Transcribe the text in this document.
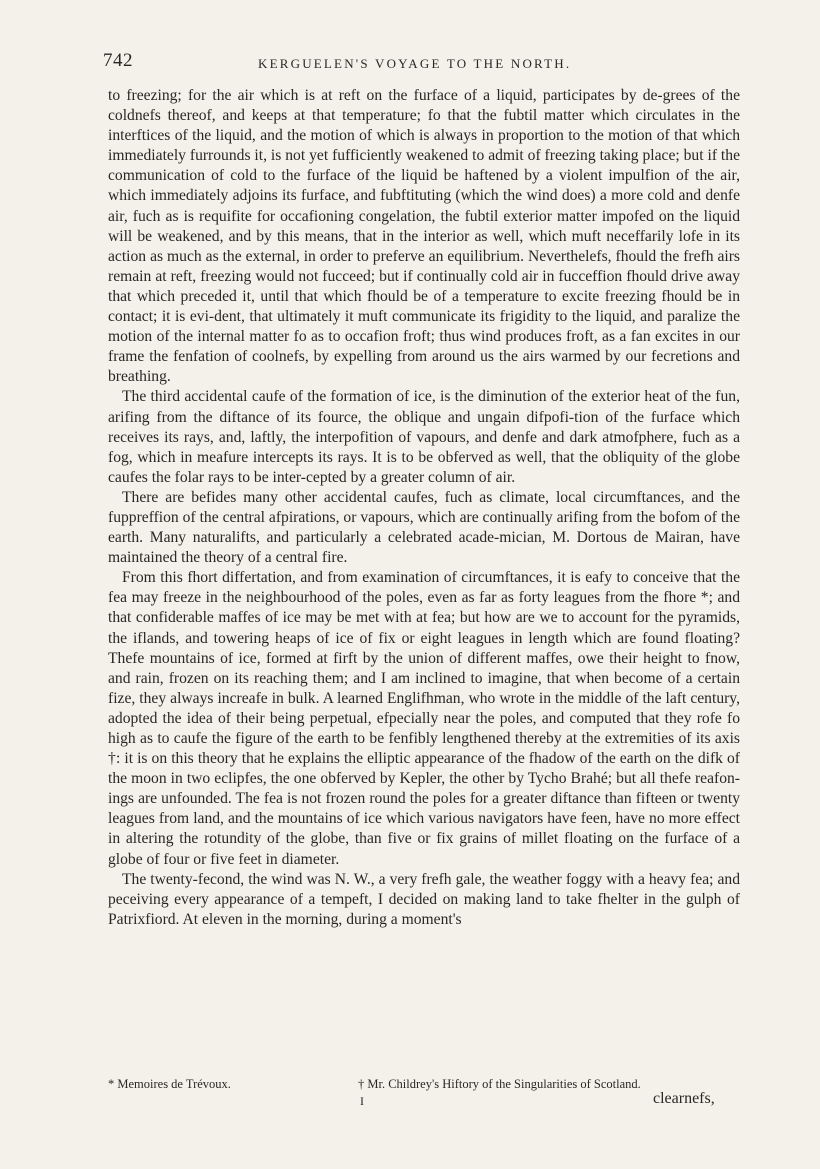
742	KERGUELEN'S VOYAGE TO THE NORTH.

to freezing; for the air which is at reft on the furface of a liquid, participates by de-grees of the coldnefs thereof, and keeps at that temperature; fo that the fubtil matter which circulates in the interftices of the liquid, and the motion of which is always in proportion to the motion of that which immediately furrounds it, is not yet fufficiently weakened to admit of freezing taking place; but if the communication of cold to the furface of the liquid be haftened by a violent impulfion of the air, which immediately adjoins its furface, and fubftituting (which the wind does) a more cold and denfe air, fuch as is requifite for occafioning congelation, the fubtil exterior matter impofed on the liquid will be weakened, and by this means, that in the interior as well, which muft neceffarily lofe in its action as much as the external, in order to preferve an equilibrium. Neverthelefs, fhould the frefh airs remain at reft, freezing would not fucceed; but if continually cold air in fucceffion fhould drive away that which preceded it, until that which fhould be of a temperature to excite freezing fhould be in contact; it is evi-dent, that ultimately it muft communicate its frigidity to the liquid, and paralize the motion of the internal matter fo as to occafion froft; thus wind produces froft, as a fan excites in our frame the fenfation of coolnefs, by expelling from around us the airs warmed by our fecretions and breathing.

The third accidental caufe of the formation of ice, is the diminution of the exterior heat of the fun, arifing from the diftance of its fource, the oblique and ungain difpofi-tion of the furface which receives its rays, and, laftly, the interpofition of vapours, and denfe and dark atmofphere, fuch as a fog, which in meafure intercepts its rays. It is to be obferved as well, that the obliquity of the globe caufes the folar rays to be inter-cepted by a greater column of air.

There are befides many other accidental caufes, fuch as climate, local circumftances, and the fuppreffion of the central afpirations, or vapours, which are continually arifing from the bofom of the earth. Many naturalifts, and particularly a celebrated acade-mician, M. Dortous de Mairan, have maintained the theory of a central fire.

From this fhort differtation, and from examination of circumftances, it is eafy to conceive that the fea may freeze in the neighbourhood of the poles, even as far as forty leagues from the fhore *; and that confiderable maffes of ice may be met with at fea; but how are we to account for the pyramids, the iflands, and towering heaps of ice of fix or eight leagues in length which are found floating? Thefe mountains of ice, formed at firft by the union of different maffes, owe their height to fnow, and rain, frozen on its reaching them; and I am inclined to imagine, that when become of a certain fize, they always increafe in bulk. A learned Englifhman, who wrote in the middle of the laft century, adopted the idea of their being perpetual, efpecially near the poles, and computed that they rofe fo high as to caufe the figure of the earth to be fenfibly lengthened thereby at the extremities of its axis †: it is on this theory that he explains the elliptic appearance of the fhadow of the earth on the difk of the moon in two eclipfes, the one obferved by Kepler, the other by Tycho Brahé; but all thefe reafon-ings are unfounded. The fea is not frozen round the poles for a greater diftance than fifteen or twenty leagues from land, and the mountains of ice which various navigators have feen, have no more effect in altering the rotundity of the globe, than five or fix grains of millet floating on the furface of a globe of four or five feet in diameter.

The twenty-fecond, the wind was N. W., a very frefh gale, the weather foggy with a heavy fea; and peceiving every appearance of a tempeft, I decided on making land to take fhelter in the gulph of Patrixfiord. At eleven in the morning, during a moment's

* Memoires de Trévoux.	† Mr. Childrey's Hiftory of the Singularities of Scotland.
I	clearnefs,
